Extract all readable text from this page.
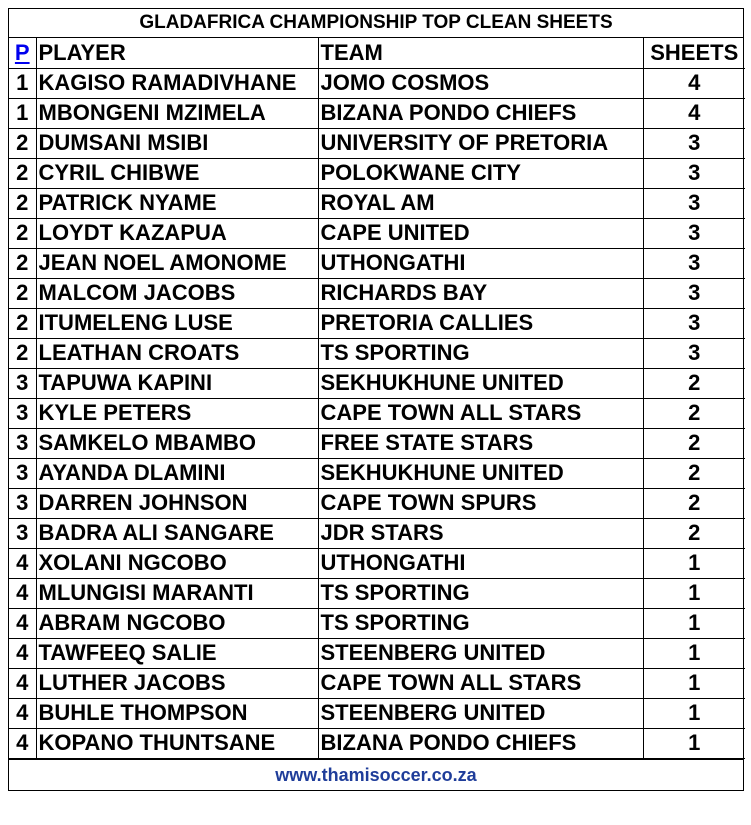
GLADAFRICA CHAMPIONSHIP TOP CLEAN SHEETS
P	PLAYER	TEAM	SHEETS
1	KAGISO RAMADIVHANE	JOMO COSMOS	4
1	MBONGENI MZIMELA	BIZANA PONDO CHIEFS	4
2	DUMSANI MSIBI	UNIVERSITY OF PRETORIA	3
2	CYRIL CHIBWE	POLOKWANE CITY	3
2	PATRICK NYAME	ROYAL AM	3
2	LOYDT KAZAPUA	CAPE UNITED	3
2	JEAN NOEL AMONOME	UTHONGATHI	3
2	MALCOM JACOBS	RICHARDS BAY	3
2	ITUMELENG LUSE	PRETORIA CALLIES	3
2	LEATHAN CROATS	TS SPORTING	3
3	TAPUWA KAPINI	SEKHUKHUNE UNITED	2
3	KYLE PETERS	CAPE TOWN ALL STARS	2
3	SAMKELO MBAMBO	FREE STATE STARS	2
3	AYANDA DLAMINI	SEKHUKHUNE UNITED	2
3	DARREN JOHNSON	CAPE TOWN SPURS	2
3	BADRA ALI SANGARE	JDR STARS	2
4	XOLANI NGCOBO	UTHONGATHI	1
4	MLUNGISI MARANTI	TS SPORTING	1
4	ABRAM NGCOBO	TS SPORTING	1
4	TAWFEEQ SALIE	STEENBERG UNITED	1
4	LUTHER JACOBS	CAPE TOWN ALL STARS	1
4	BUHLE THOMPSON	STEENBERG UNITED	1
4	KOPANO THUNTSANE	BIZANA PONDO CHIEFS	1
www.thamisoccer.co.za
